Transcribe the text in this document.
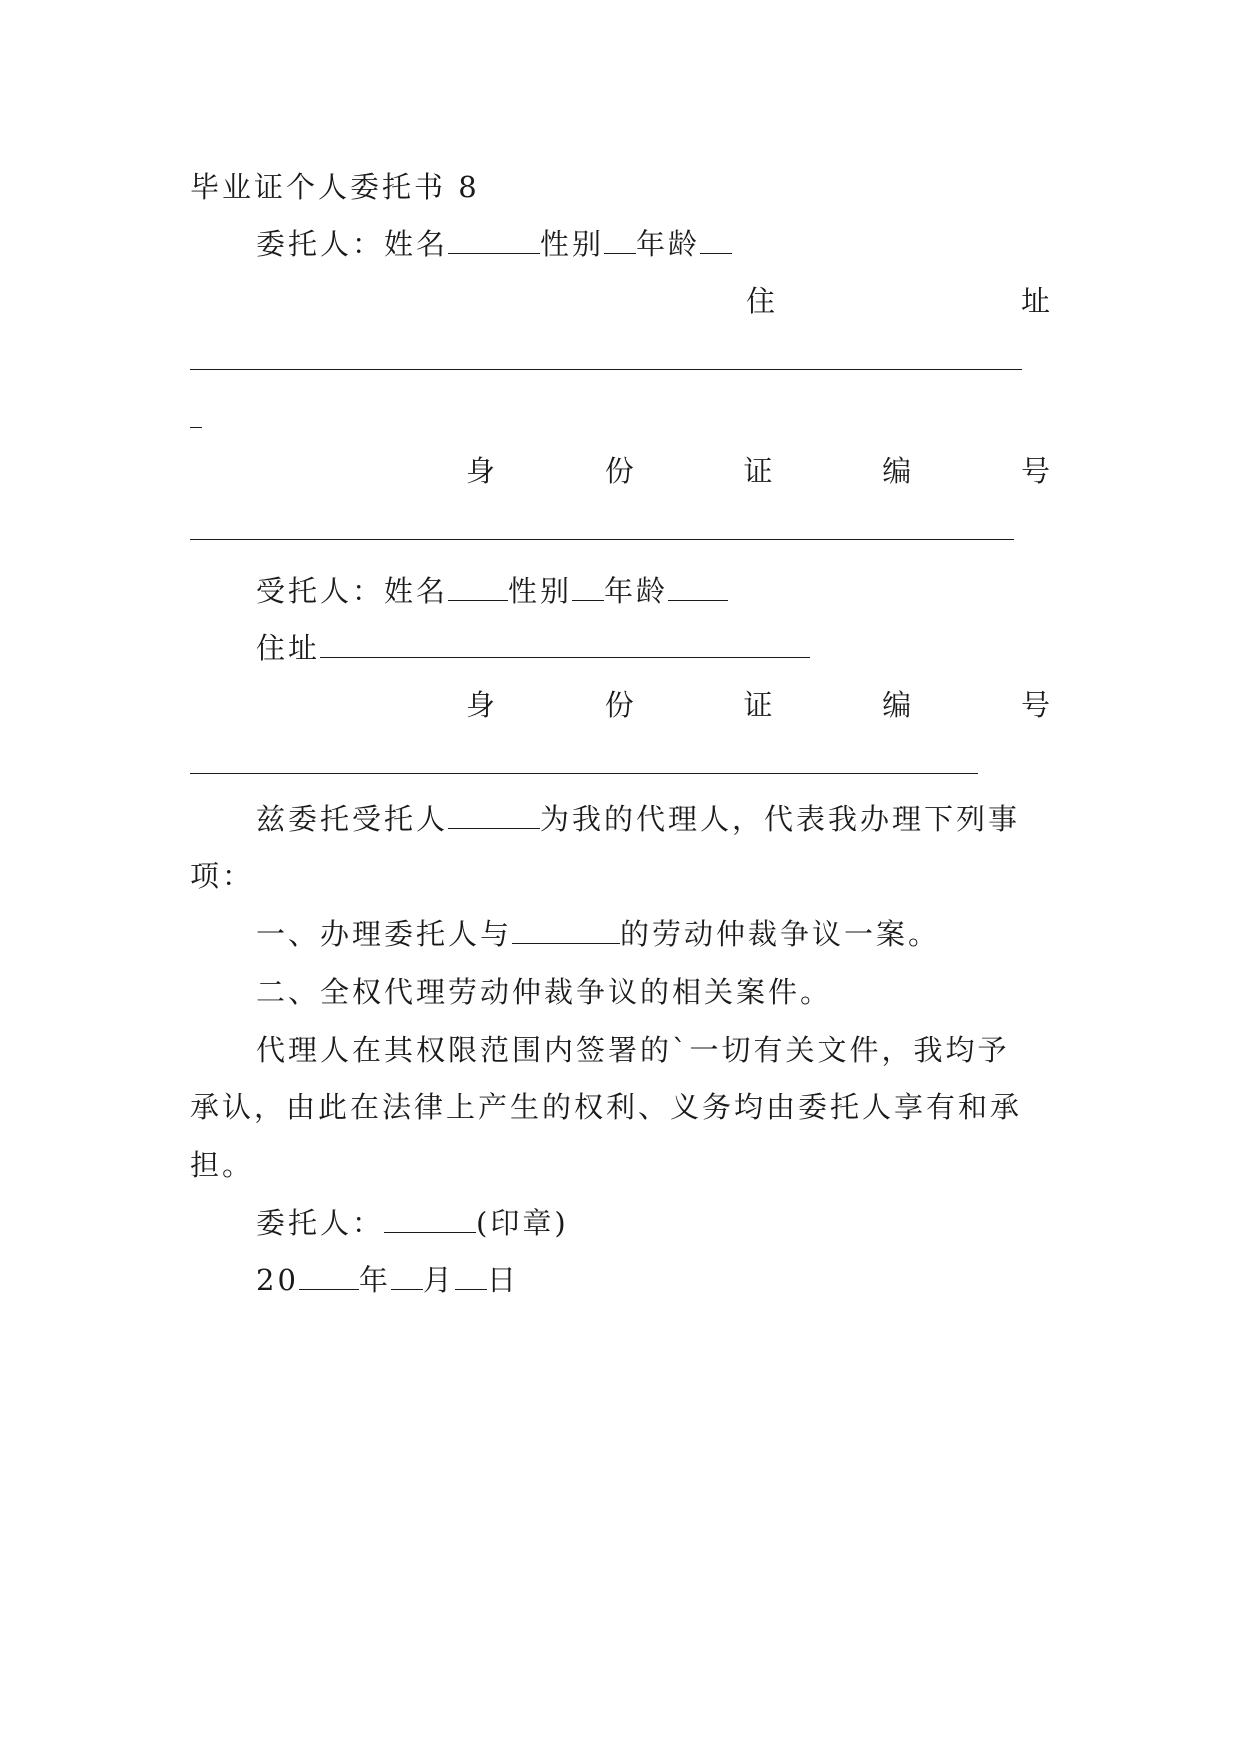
毕业证个人委托书 8
委托人：姓名	性别 年龄
住	址
身	份	证	编	号
受托人：姓名 性别 年龄
住址
身	份	证	编	号
兹委托受托人	为我的代理人，代表我办理下列事
项：
一、办理委托人与	的劳动仲裁争议一案。
二、全权代理劳动仲裁争议的相关案件。
代理人在其权限范围内签署的`一切有关文件，我均予
承认，由此在法律上产生的权利、义务均由委托人享有和承
担。
委托人：	(印章)
20 年 月 日
